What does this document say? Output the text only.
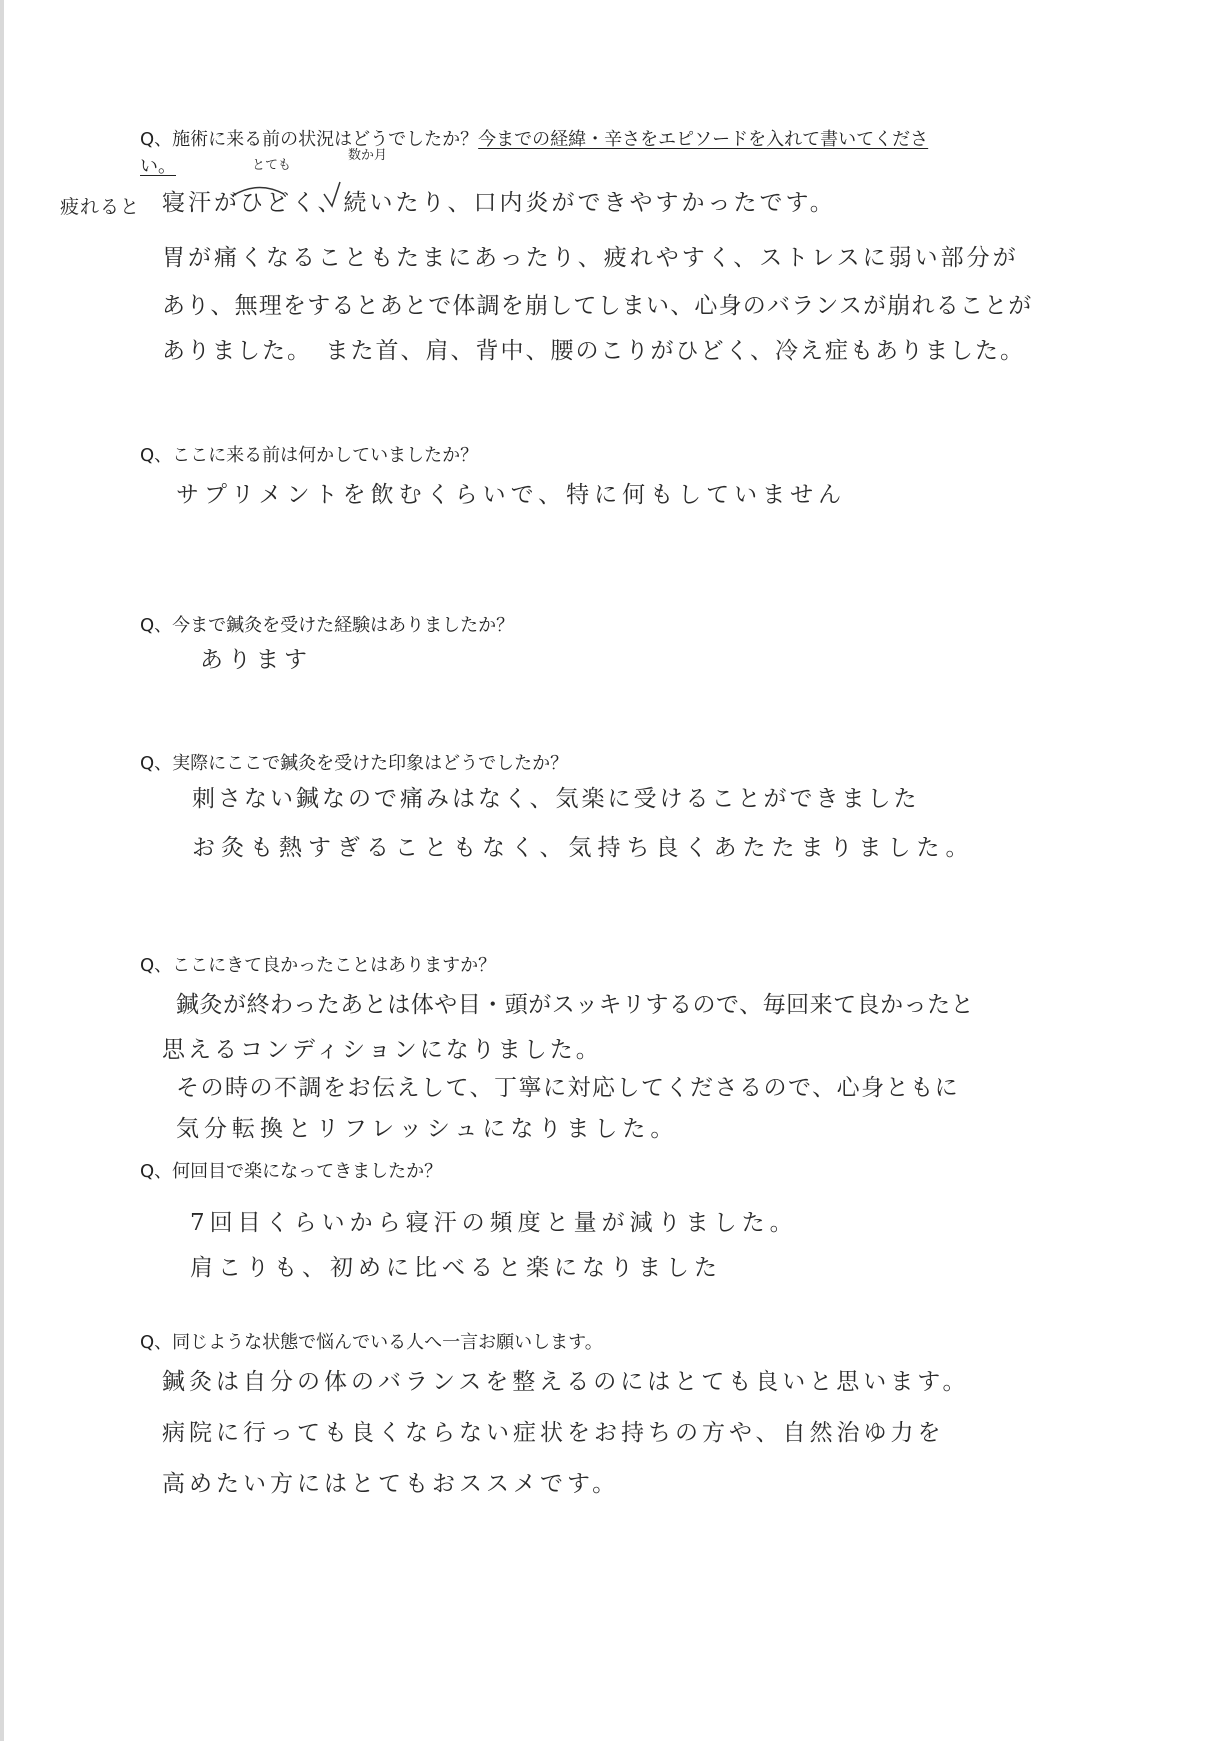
Q、施術に来る前の状況はどうでしたか？今までの経緯・辛さをエピソードを入れて書いてくださ
い。	とても
数か月
疲れると 寝汗がひどく、続いたり、口内炎ができやすかったです。
胃が痛くなることもたまにあったり、疲れやすく、ストレスに弱い部分が
あり、無理をするとあとで体調を崩してしまい、心身のバランスが崩れることが
ありました。　また首、肩、背中、腰のこりがひどく、冷え症もありました。
Q、ここに来る前は何かしていましたか？
サプリメントを飲むくらいで、特に何もしていません
Q、今まで鍼灸を受けた経験はありましたか？
あります
Q、実際にここで鍼灸を受けた印象はどうでしたか？
刺さない鍼なので痛みはなく、気楽に受けることができました
お灸も熱すぎることもなく、気持ち良くあたたまりました。
Q、ここにきて良かったことはありますか？
鍼灸が終わったあとは体や目・頭がスッキリするので、毎回来て良かったと
思えるコンディションになりました。
その時の不調をお伝えして、丁寧に対応してくださるので、心身ともに
気分転換とリフレッシュになりました。
Q、何回目で楽になってきましたか？
7回目くらいから寝汗の頻度と量が減りました。
肩こりも、初めに比べると楽になりました
Q、同じような状態で悩んでいる人へ一言お願いします。
鍼灸は自分の体のバランスを整えるのにはとても良いと思います。
病院に行っても良くならない症状をお持ちの方や、自然治ゆ力を
高めたい方にはとてもおススメです。
